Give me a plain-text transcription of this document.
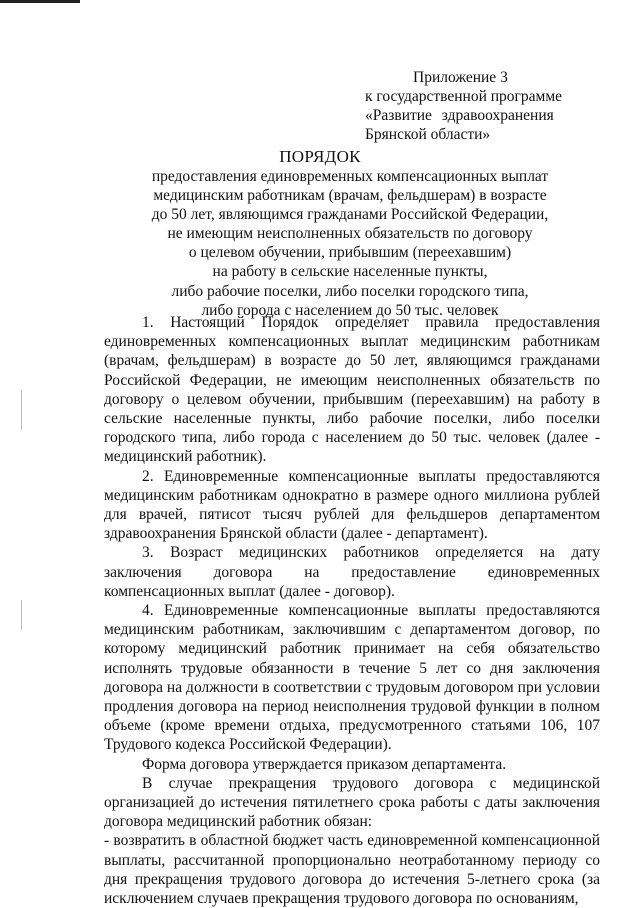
Приложение 3
к государственной программе
«Развитие здравоохранения
Брянской области»
ПОРЯДОК
предоставления единовременных компенсационных выплат
медицинским работникам (врачам, фельдшерам) в возрасте
до 50 лет, являющимся гражданами Российской Федерации,
не имеющим неисполненных обязательств по договору
о целевом обучении, прибывшим (переехавшим)
на работу в сельские населенные пункты,
либо рабочие поселки, либо поселки городского типа,
либо города с населением до 50 тыс. человек

1. Настоящий Порядок определяет правила предоставления единовременных компенсационных выплат медицинским работникам (врачам, фельдшерам) в возрасте до 50 лет, являющимся гражданами Российской Федерации, не имеющим неисполненных обязательств по договору о целевом обучении, прибывшим (переехавшим) на работу в сельские населенные пункты, либо рабочие поселки, либо поселки городского типа, либо города с населением до 50 тыс. человек (далее - медицинский работник).

2. Единовременные компенсационные выплаты предоставляются медицинским работникам однократно в размере одного миллиона рублей для врачей, пятисот тысяч рублей для фельдшеров департаментом здравоохранения Брянской области (далее - департамент).

3. Возраст медицинских работников определяется на дату заключения договора на предоставление единовременных компенсационных выплат (далее - договор).

4. Единовременные компенсационные выплаты предоставляются медицинским работникам, заключившим с департаментом договор, по которому медицинский работник принимает на себя обязательство исполнять трудовые обязанности в течение 5 лет со дня заключения договора на должности в соответствии с трудовым договором при условии продления договора на период неисполнения трудовой функции в полном объеме (кроме времени отдыха, предусмотренного статьями 106, 107 Трудового кодекса Российской Федерации).

Форма договора утверждается приказом департамента.

В случае прекращения трудового договора с медицинской организацией до истечения пятилетнего срока работы с даты заключения договора медицинский работник обязан:

- возвратить в областной бюджет часть единовременной компенсационной выплаты, рассчитанной пропорционально неотработанному периоду со дня прекращения трудового договора до истечения 5-летнего срока (за исключением случаев прекращения трудового договора по основаниям,
